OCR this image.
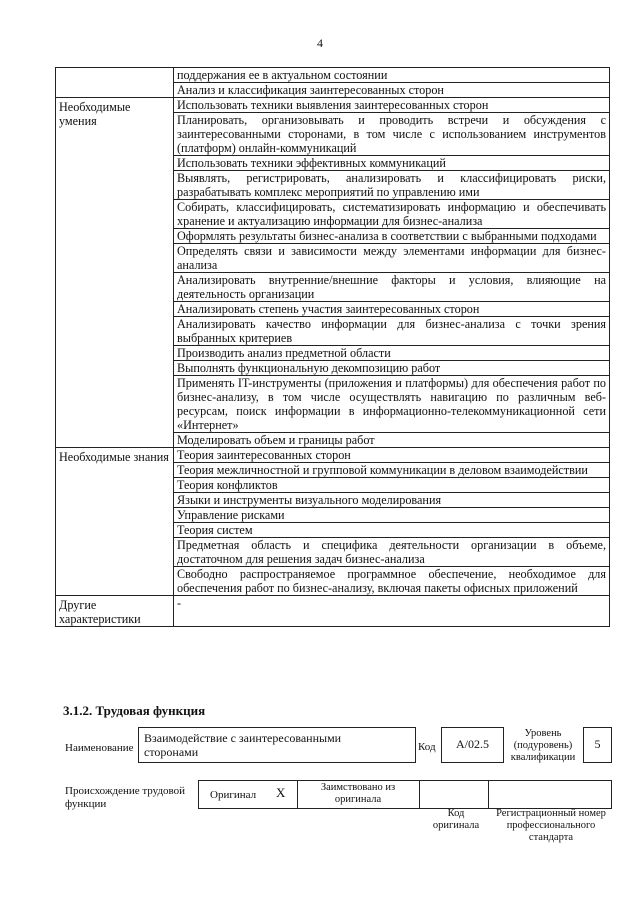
4
	поддержания ее в актуальном состоянии
	Анализ и классификация заинтересованных сторон
Необходимые умения	Использовать техники выявления заинтересованных сторон
	Планировать, организовывать и проводить встречи и обсуждения с заинтересованными сторонами, в том числе с использованием инструментов (платформ) онлайн-коммуникаций
	Использовать техники эффективных коммуникаций
	Выявлять, регистрировать, анализировать и классифицировать риски, разрабатывать комплекс мероприятий по управлению ими
	Собирать, классифицировать, систематизировать информацию и обеспечивать хранение и актуализацию информации для бизнес-анализа
	Оформлять результаты бизнес-анализа в соответствии с выбранными подходами
	Определять связи и зависимости между элементами информации для бизнес-анализа
	Анализировать внутренние/внешние факторы и условия, влияющие на деятельность организации
	Анализировать степень участия заинтересованных сторон
	Анализировать качество информации для бизнес-анализа с точки зрения выбранных критериев
	Производить анализ предметной области
	Выполнять функциональную декомпозицию работ
	Применять IT-инструменты (приложения и платформы) для обеспечения работ по бизнес-анализу, в том числе осуществлять навигацию по различным веб-ресурсам, поиск информации в информационно-телекоммуникационной сети «Интернет»
	Моделировать объем и границы работ
Необходимые знания	Теория заинтересованных сторон
	Теория межличностной и групповой коммуникации в деловом взаимодействии
	Теория конфликтов
	Языки и инструменты визуального моделирования
	Управление рисками
	Теория систем
	Предметная область и специфика деятельности организации в объеме, достаточном для решения задач бизнес-анализа
	Свободно распространяемое программное обеспечение, необходимое для обеспечения работ по бизнес-анализу, включая пакеты офисных приложений
Другие характеристики	-
3.1.2. Трудовая функция
Наименование
Взаимодействие с заинтересованными сторонами	Код	A/02.5
Уровень (подуровень) квалификации
5
Происхождение трудовой функции
Оригинал X	Заимствовано из оригинала
Код оригинала
Регистрационный номер профессионального стандарта
